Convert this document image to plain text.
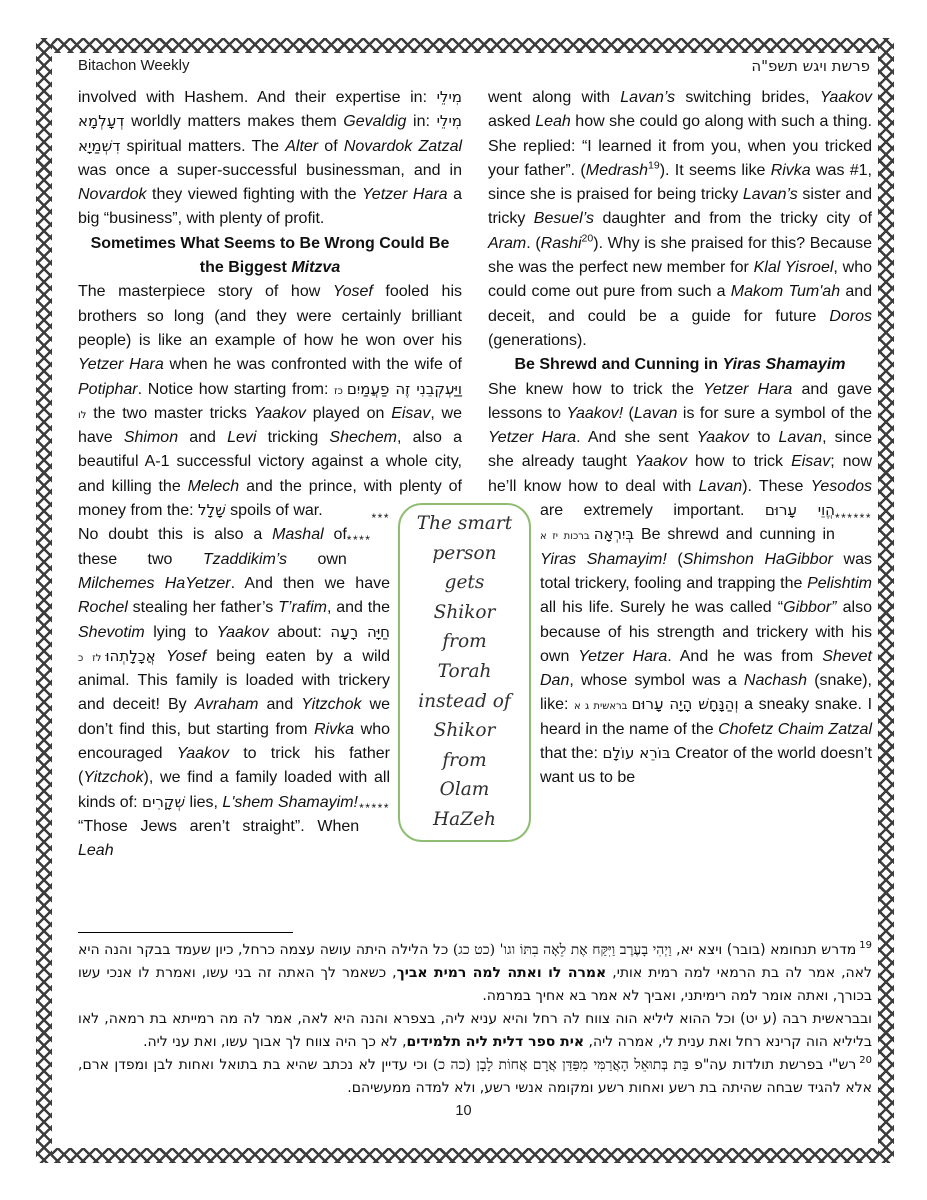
Bitachon Weekly	פרשת ויגש תשפ"ה

involved with Hashem. And their expertise in: מִילֵי דְעָלְמָא worldly matters makes them Gevaldig in: מִילֵי דִשְׁמַיָא spiritual matters. The Alter of Novardok Zatzal was once a super-successful businessman, and in Novardok they viewed fighting with the Yetzer Hara a big “business”, with plenty of profit.
***

Sometimes What Seems to Be Wrong Could Be the Biggest Mitzva

The masterpiece story of how Yosef fooled his brothers so long (and they were certainly brilliant people) is like an example of how he won over his Yetzer Hara when he was confronted with the wife of Potiphar. Notice how starting from: וַיַּעְקְבֵנִי זֶה פַעֲמַיִםכז לו the two master tricks Yaakov played on Eisav, we have Shimon and Levi tricking Shechem, also a beautiful A-1 successful victory against a whole city, and killing the Melech and the prince, with plenty of money from the: שָׁלָל spoils of war.
****

No doubt this is also a Mashal of these two Tzaddikim’s own Milchemes HaYetzer. And then we have Rochel stealing her father’s T’rafim, and the Shevotim lying to Yaakov about: חַיָּה רָעָה אֲכָלָתְהוּלז כ	Yosef being eaten by a wild animal. This family is loaded with trickery and deceit! By Avraham and Yitzchok we don’t find this, but starting from Rivka who encouraged Yaakov to trick his father (Yitzchok), we find a family loaded with all kinds of: שְׁקָרִים lies, L'shem Shamayim! *****

“Those Jews aren’t straight”. When Leah

went along with Lavan’s switching brides, Yaakov asked Leah how she could go along with such a thing. She replied: “I learned it from you, when you tricked your father”. (Medrash$^{19}$). It seems like Rivka was #1, since she is praised for being tricky Lavan’s sister and tricky Besuel’s daughter and from the tricky city of Aram. (Rashi$^{20}$). Why is she praised for this? Because she was the perfect new member for Klal Yisroel, who could come out pure from such a Makom Tum'ah and deceit, and could be a guide for future Doros (generations).
******

Be Shrewd and Cunning in Yiras Shamayim

She knew how to trick the Yetzer Hara and gave lessons to Yaakov! (Lavan is for sure a symbol of the Yetzer Hara. And she sent Yaakov to Lavan, since she already taught Yaakov how to trick Eisav; now he’ll know how to deal with Lavan). These Yesodos are extremely important. הֱוֵי עָרוּם בְּיִרְאָהברכות יז א	Be shrewd and cunning in Yiras Shamayim! (Shimshon HaGibbor was total trickery, fooling and trapping the Pelishtim all his life. Surely he was called “Gibbor” also because of his strength and trickery with his own Yetzer Hara. And he was from Shevet Dan, whose symbol was a Nachash (snake), like:	וְהַנָּחָשׁ הָיָה עָרוּםבראשית ג א	a sneaky snake. I heard in the name of the Chofetz Chaim Zatzal that the: בּוֹרֵא עוֹלָם Creator of the world doesn’t want us to be

The smart
person
gets
Shikor
from
Torah
instead of
Shikor
from
Olam
HaZeh
$^{19}$מדרש תנחומא (בובר) ויצא יא, וַיְהִי בָעֶרֶב וַיִּקַּח אֶת לֵאָה בִתּוֹ וגו' (כט כג) כל הלילה היתה עושה עצמה כרחל, כיון שעמד בבקר והנה היא לאה, אמר לה בת הרמאי למה רמית אותי, אמרה לו ואתה למה רמית אביך, כשאמר לך האתה זה בני עשו, ואמרת לו אנכי עשו בכורך, ואתה אומר למה רימיתני, ואביך לא אמר בא אחיך במרמה.
ובבראשית רבה (ע יט) וכל ההוא ליליא הוה צווח לה רחל והיא עניא ליה, בצפרא והנה היא לאה, אמר לה מה רמייתא בת רמאה, לאו בליליא הוה קרינא רחל ואת ענית לי, אמרה ליה, אית ספר דלית ליה תלמידים, לא כך היה צווח לך אבוך עשו, ואת עני ליה.
$^{20}$רש"י בפרשת תולדות עה"פ בַּת בְּתוּאֵל הָאֲרַמִּי מִפַּדַּן אֲרָם אֲחוֹת לָבָן (כה כ) וכי עדיין לא נכתב שהיא בת בתואל ואחות לבן ומפדן ארם, אלא להגיד שבחה שהיתה בת רשע ואחות רשע ומקומה אנשי רשע, ולא למדה ממעשיהם.
10
